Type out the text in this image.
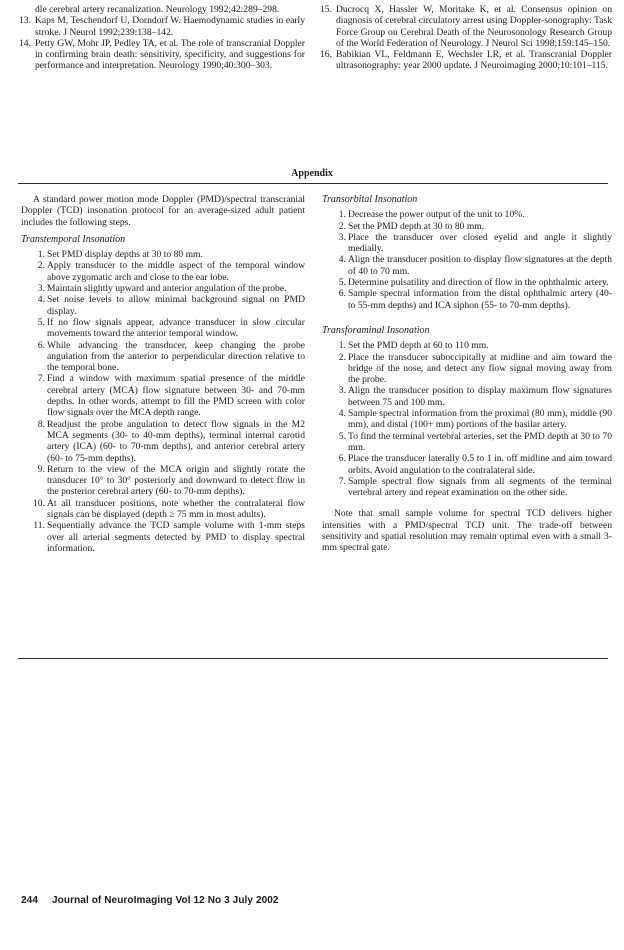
dle cerebral artery recanalization. Neurology 1992;42:289–298.
13. Kaps M, Teschendorf U, Dorndorf W. Haemodynamic studies in early stroke. J Neurol 1992;239:138–142.
14. Petty GW, Mohr JP, Pedley TA, et al. The role of transcranial Doppler in confirming brain death: sensitivity, specificity, and suggestions for performance and interpretation. Neurology 1990;40:300–303.
15. Ducrocq X, Hassler W, Moritake K, et al. Consensus opinion on diagnosis of cerebral circulatory arrest using Doppler-sonography: Task Force Group on Cerebral Death of the Neurosonology Research Group of the World Federation of Neurology. J Neurol Sci 1998;159:145–150.
16. Babikian VL, Feldmann E, Wechsler LR, et al. Transcranial Doppler ultrasonography: year 2000 update. J Neuroimaging 2000;10:101–115.
Appendix

A standard power motion mode Doppler (PMD)/spectral transcranial Doppler (TCD) insonation protocol for an average-sized adult patient includes the following steps.

Transtemporal Insonation
1. Set PMD display depths at 30 to 80 mm.
2. Apply transducer to the middle aspect of the temporal window above zygomatic arch and close to the ear lobe.
3. Maintain slightly upward and anterior angulation of the probe.
4. Set noise levels to allow minimal background signal on PMD display.
5. If no flow signals appear, advance transducer in slow circular movements toward the anterior temporal window.
6. While advancing the transducer, keep changing the probe angulation from the anterior to perpendicular direction relative to the temporal bone.
7. Find a window with maximum spatial presence of the middle cerebral artery (MCA) flow signature between 30- and 70-mm depths. In other words, attempt to fill the PMD screen with color flow signals over the MCA depth range.
8. Readjust the probe angulation to detect flow signals in the M2 MCA segments (30- to 40-mm depths), terminal internal carotid artery (ICA) (60- to 70-mm depths), and anterior cerebral artery (60- to 75-mm depths).
9. Return to the view of the MCA origin and slightly rotate the transducer 10° to 30° posteriorly and downward to detect flow in the posterior cerebral artery (60- to 70-mm depths).
10. At all transducer positions, note whether the contralateral flow signals can be displayed (depth ≥ 75 mm in most adults).
11. Sequentially advance the TCD sample volume with 1-mm steps over all arterial segments detected by PMD to display spectral information.
Transorbital Insonation
1. Decrease the power output of the unit to 10%.
2. Set the PMD depth at 30 to 80 mm.
3. Place the transducer over closed eyelid and angle it slightly medially.
4. Align the transducer position to display flow signatures at the depth of 40 to 70 mm.
5. Determine pulsatility and direction of flow in the ophthalmic artery.
6. Sample spectral information from the distal ophthalmic artery (40- to 55-mm depths) and ICA siphon (55- to 70-mm depths).
Transforaminal Insonation
1. Set the PMD depth at 60 to 110 mm.
2. Place the transducer suboccipitally at midline and aim toward the bridge of the nose, and detect any flow signal moving away from the probe.
3. Align the transducer position to display maximum flow signatures between 75 and 100 mm.
4. Sample spectral information from the proximal (80 mm), middle (90 mm), and distal (100+ mm) portions of the basilar artery.
5. To find the terminal vertebral arteries, set the PMD depth at 30 to 70 mm.
6. Place the transducer laterally 0.5 to 1 in. off midline and aim toward orbits. Avoid angulation to the contralateral side.
7. Sample spectral flow signals from all segments of the terminal vertebral artery and repeat examination on the other side.

Note that small sample volume for spectral TCD delivers higher intensities with a PMD/spectral TCD unit. The trade-off between sensitivity and spatial resolution may remain optimal even with a small 3-mm spectral gate.

244 Journal of NeuroImaging Vol 12 No 3 July 2002
